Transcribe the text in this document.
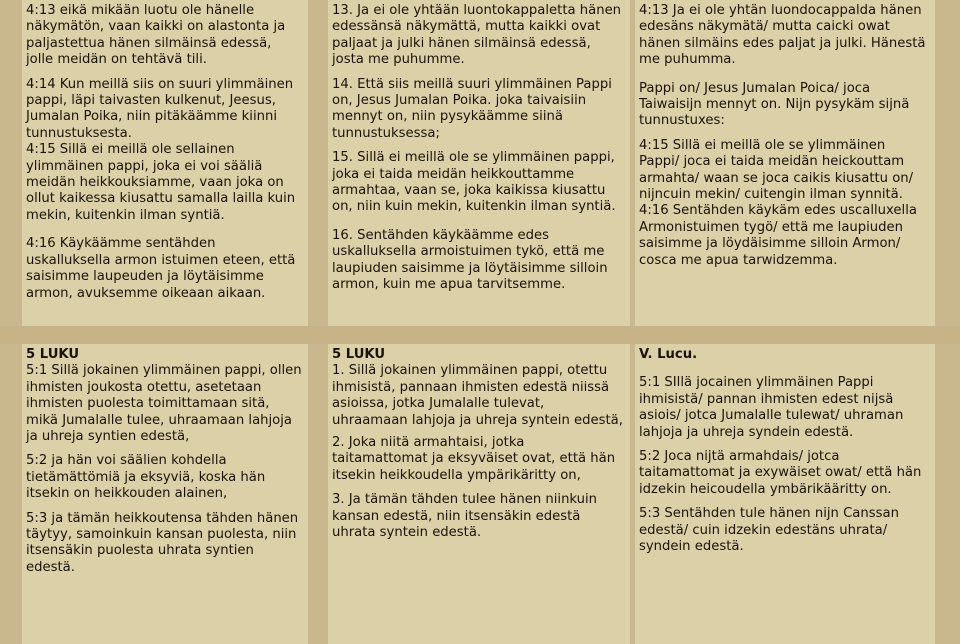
4:13 eikä mikään luotu ole hänelle näkymätön, vaan kaikki on alastonta ja paljastettua hänen silmäinsä edessä, jolle meidän on tehtävä tili.

4:14 Kun meillä siis on suuri ylimmäinen pappi, läpi taivasten kulkenut, Jeesus, Jumalan Poika, niin pitäkäämme kiinni tunnustuksesta.

4:15 Sillä ei meillä ole sellainen ylimmäinen pappi, joka ei voi sääliä meidän heikkouksiamme, vaan joka on ollut kaikessa kiusattu samalla lailla kuin mekin, kuitenkin ilman syntiä.

4:16 Käykäämme sentähden uskalluksella armon istuimen eteen, että saisimme laupeuden ja löytäisimme armon, avuksemme oikeaan aikaan.

13. Ja ei ole yhtään luontokappaletta hänen edessänsä näkymättä, mutta kaikki ovat paljaat ja julki hänen silmäinsä edessä, josta me puhumme.

14. Että siis meillä suuri ylimmäinen Pappi on, Jesus Jumalan Poika. joka taivaisiin mennyt on, niin pysykäämme siinä tunnustuksessa;

15. Sillä ei meillä ole se ylimmäinen pappi, joka ei taida meidän heikkouttamme armahtaa, vaan se, joka kaikissa kiusattu on, niin kuin mekin, kuitenkin ilman syntiä.

16. Sentähden käykäämme edes uskalluksella armoistuimen tykö, että me laupiuden saisimme ja löytäisimme silloin armon, kuin me apua tarvitsemme.

4:13 Ja ei ole yhtän luondocappalda hänen edesäns näkymätä/ mutta caicki owat hänen silmäins edes paljat ja julki. Hänestä me puhumma.

Pappi on/ Jesus Jumalan Poica/ joca Taiwaisijn mennyt on. Nijn pysykäm sijnä tunnustuxes:

4:15 Sillä ei meillä ole se ylimmäinen Pappi/ joca ei taida meidän heickouttam armahta/ waan se joca caikis kiusattu on/ nijncuin mekin/ cuitengin ilman synnitä.

4:16 Sentähden käykäm edes uscalluxella Armonistuimen tygö/ että me laupiuden saisimme ja löydäisimme silloin Armon/ cosca me apua tarwidzemma.

5 LUKU

5:1 Sillä jokainen ylimmäinen pappi, ollen ihmisten joukosta otettu, asetetaan ihmisten puolesta toimittamaan sitä, mikä Jumalalle tulee, uhraamaan lahjoja ja uhreja syntien edestä,

5:2 ja hän voi säälien kohdella tietämättömiä ja eksyviä, koska hän itsekin on heikkouden alainen,

5:3 ja tämän heikkoutensa tähden hänen täytyy, samoinkuin kansan puolesta, niin itsensäkin puolesta uhrata syntien edestä.

5 LUKU

1. Sillä jokainen ylimmäinen pappi, otettu ihmisistä, pannaan ihmisten edestä niissä asioissa, jotka Jumalalle tulevat, uhraamaan lahjoja ja uhreja syntein edestä,

2. Joka niitä armahtaisi, jotka taitamattomat ja eksyväiset ovat, että hän itsekin heikkoudella ympärikäritty on,

3. Ja tämän tähden tulee hänen niinkuin kansan edestä, niin itsensäkin edestä uhrata syntein edestä.

V. Lucu.

5:1 SIllä jocainen ylimmäinen Pappi ihmisistä/ pannan ihmisten edest nijsä asiois/ jotca Jumalalle tulewat/ uhraman lahjoja ja uhreja syndein edestä.

5:2 Joca nijtä armahdais/ jotca taitamattomat ja exywäiset owat/ että hän idzekin heicoudella ymbärikääritty on.

5:3 Sentähden tule hänen nijn Canssan edestä/ cuin idzekin edestäns uhrata/ syndein edestä.
